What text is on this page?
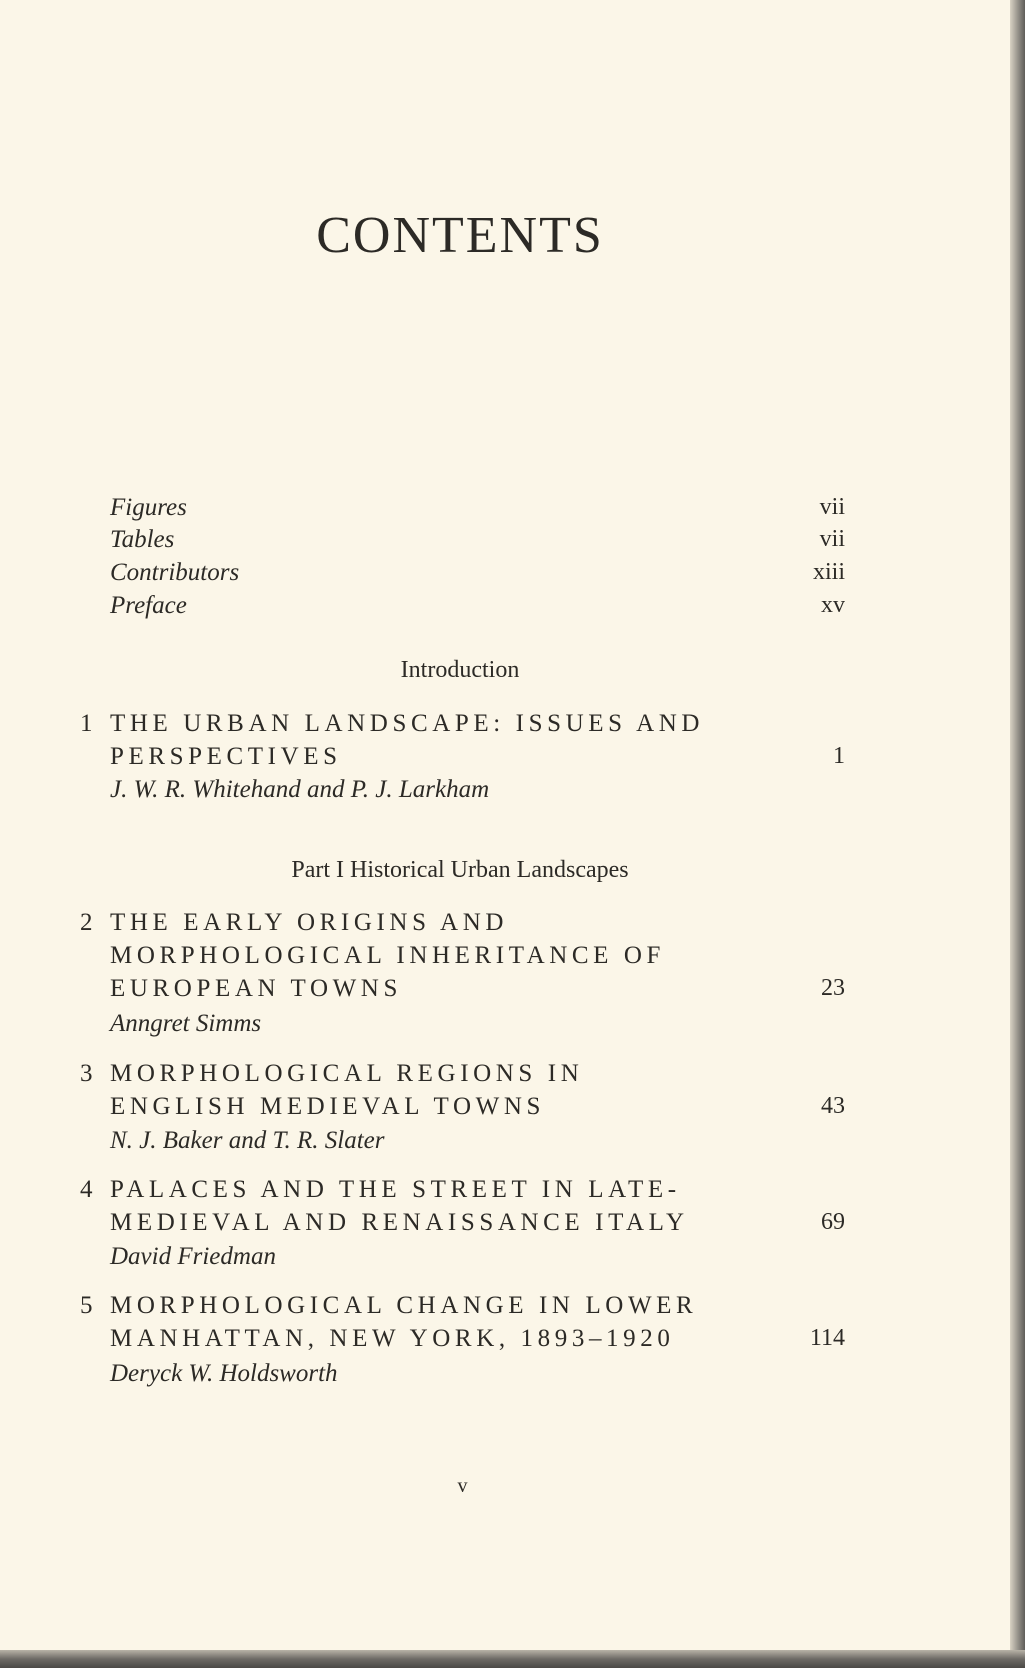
CONTENTS
Figures	vii
Tables	vii
Contributors	xiii
Preface	xv
Introduction
1 THE URBAN LANDSCAPE: ISSUES AND
PERSPECTIVES	1
J. W. R. Whitehand and P. J. Larkham
Part I Historical Urban Landscapes
2 THE EARLY ORIGINS AND
MORPHOLOGICAL INHERITANCE OF
EUROPEAN TOWNS	23
Anngret Simms
3 MORPHOLOGICAL REGIONS IN
ENGLISH MEDIEVAL TOWNS	43
N. J. Baker and T. R. Slater
4 PALACES AND THE STREET IN LATE-
MEDIEVAL AND RENAISSANCE ITALY	69
David Friedman
5 MORPHOLOGICAL CHANGE IN LOWER
MANHATTAN, NEW YORK, 1893–1920	114
Deryck W. Holdsworth
v
